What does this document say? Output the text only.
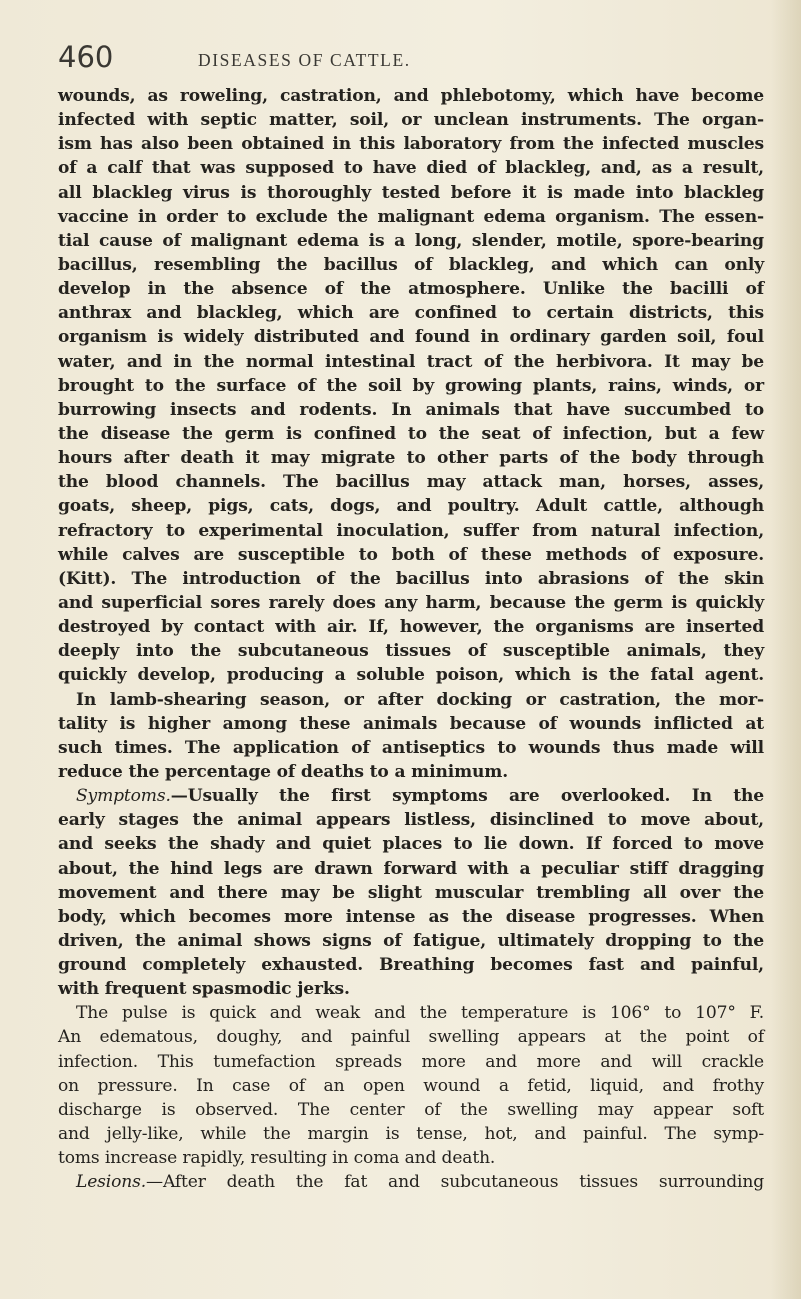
460	DISEASES OF CATTLE.
wounds, as roweling, castration, and phlebotomy, which have become
infected with septic matter, soil, or unclean instruments. The organ-
ism has also been obtained in this laboratory from the infected muscles
of a calf that was supposed to have died of blackleg, and, as a result,
all blackleg virus is thoroughly tested before it is made into blackleg
vaccine in order to exclude the malignant edema organism. The essen-
tial cause of malignant edema is a long, slender, motile, spore-bearing
bacillus, resembling the bacillus of blackleg, and which can only
develop in the absence of the atmosphere. Unlike the bacilli of
anthrax and blackleg, which are confined to certain districts, this
organism is widely distributed and found in ordinary garden soil, foul
water, and in the normal intestinal tract of the herbivora. It may be
brought to the surface of the soil by growing plants, rains, winds, or
burrowing insects and rodents. In animals that have succumbed to
the disease the germ is confined to the seat of infection, but a few
hours after death it may migrate to other parts of the body through
the blood channels. The bacillus may attack man, horses, asses,
goats, sheep, pigs, cats, dogs, and poultry. Adult cattle, although
refractory to experimental inoculation, suffer from natural infection,
while calves are susceptible to both of these methods of exposure.
(Kitt). The introduction of the bacillus into abrasions of the skin
and superficial sores rarely does any harm, because the germ is quickly
destroyed by contact with air. If, however, the organisms are inserted
deeply into the subcutaneous tissues of susceptible animals, they
quickly develop, producing a soluble poison, which is the fatal agent.
In lamb-shearing season, or after docking or castration, the mor-
tality is higher among these animals because of wounds inflicted at
such times. The application of antiseptics to wounds thus made will
reduce the percentage of deaths to a minimum.
Symptoms.—Usually the first symptoms are overlooked. In the
early stages the animal appears listless, disinclined to move about,
and seeks the shady and quiet places to lie down. If forced to move
about, the hind legs are drawn forward with a peculiar stiff dragging
movement and there may be slight muscular trembling all over the
body, which becomes more intense as the disease progresses. When
driven, the animal shows signs of fatigue, ultimately dropping to the
ground completely exhausted. Breathing becomes fast and painful,
with frequent spasmodic jerks.
The pulse is quick and weak and the temperature is 106° to 107° F.
An edematous, doughy, and painful swelling appears at the point of
infection. This tumefaction spreads more and more and will crackle
on pressure. In case of an open wound a fetid, liquid, and frothy
discharge is observed. The center of the swelling may appear soft
and jelly-like, while the margin is tense, hot, and painful. The symp-
toms increase rapidly, resulting in coma and death.
Lesions.—After death the fat and subcutaneous tissues surrounding
